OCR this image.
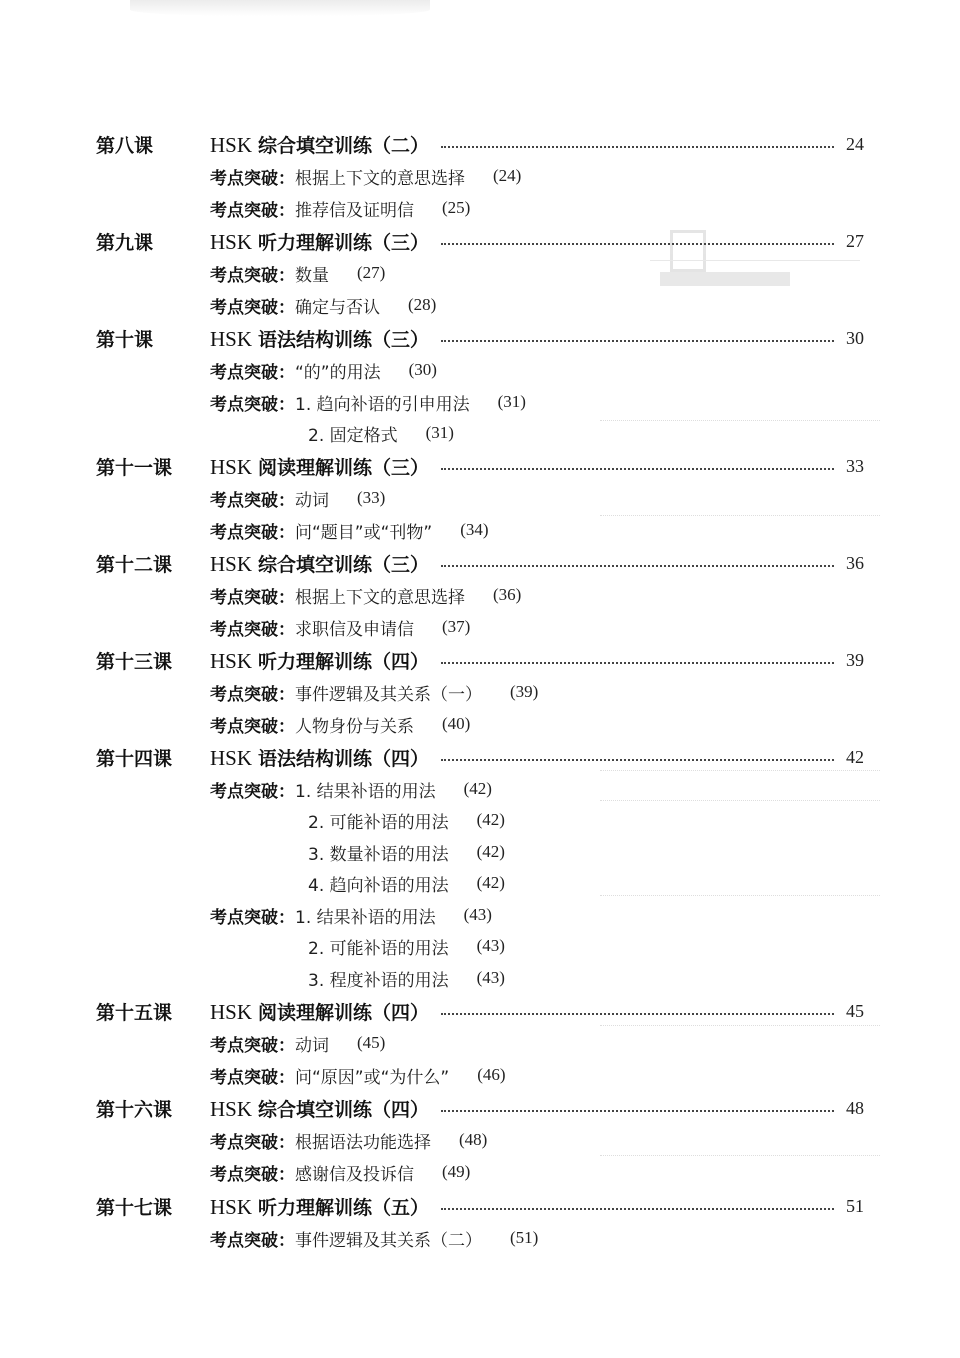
第八课	HSK 综合填空训练（二）	24
考点突破： 根据上下文的意思选择 (24)
考点突破： 推荐信及证明信 (25)
第九课	HSK 听力理解训练（三）	27
考点突破： 数量 (27)
考点突破： 确定与否认 (28)
第十课	HSK 语法结构训练（三）	30
考点突破： “的”的用法 (30)
考点突破： 1. 趋向补语的引申用法 (31)
2. 固定格式 (31)
第十一课	HSK 阅读理解训练（三）	33
考点突破： 动词 (33)
考点突破： 问“题目”或“刊物” (34)
第十二课	HSK 综合填空训练（三）	36
考点突破： 根据上下文的意思选择 (36)
考点突破： 求职信及申请信 (37)
第十三课	HSK 听力理解训练（四）	39
考点突破： 事件逻辑及其关系（一） (39)
考点突破： 人物身份与关系 (40)
第十四课	HSK 语法结构训练（四）	42
考点突破： 1. 结果补语的用法 (42)
2. 可能补语的用法 (42)
3. 数量补语的用法 (42)
4. 趋向补语的用法 (42)
考点突破： 1. 结果补语的用法 (43)
2. 可能补语的用法 (43)
3. 程度补语的用法 (43)
第十五课	HSK 阅读理解训练（四）	45
考点突破： 动词 (45)
考点突破： 问“原因”或“为什么” (46)
第十六课	HSK 综合填空训练（四）	48
考点突破： 根据语法功能选择 (48)
考点突破： 感谢信及投诉信 (49)
第十七课	HSK 听力理解训练（五）	51
考点突破： 事件逻辑及其关系（二） (51)
